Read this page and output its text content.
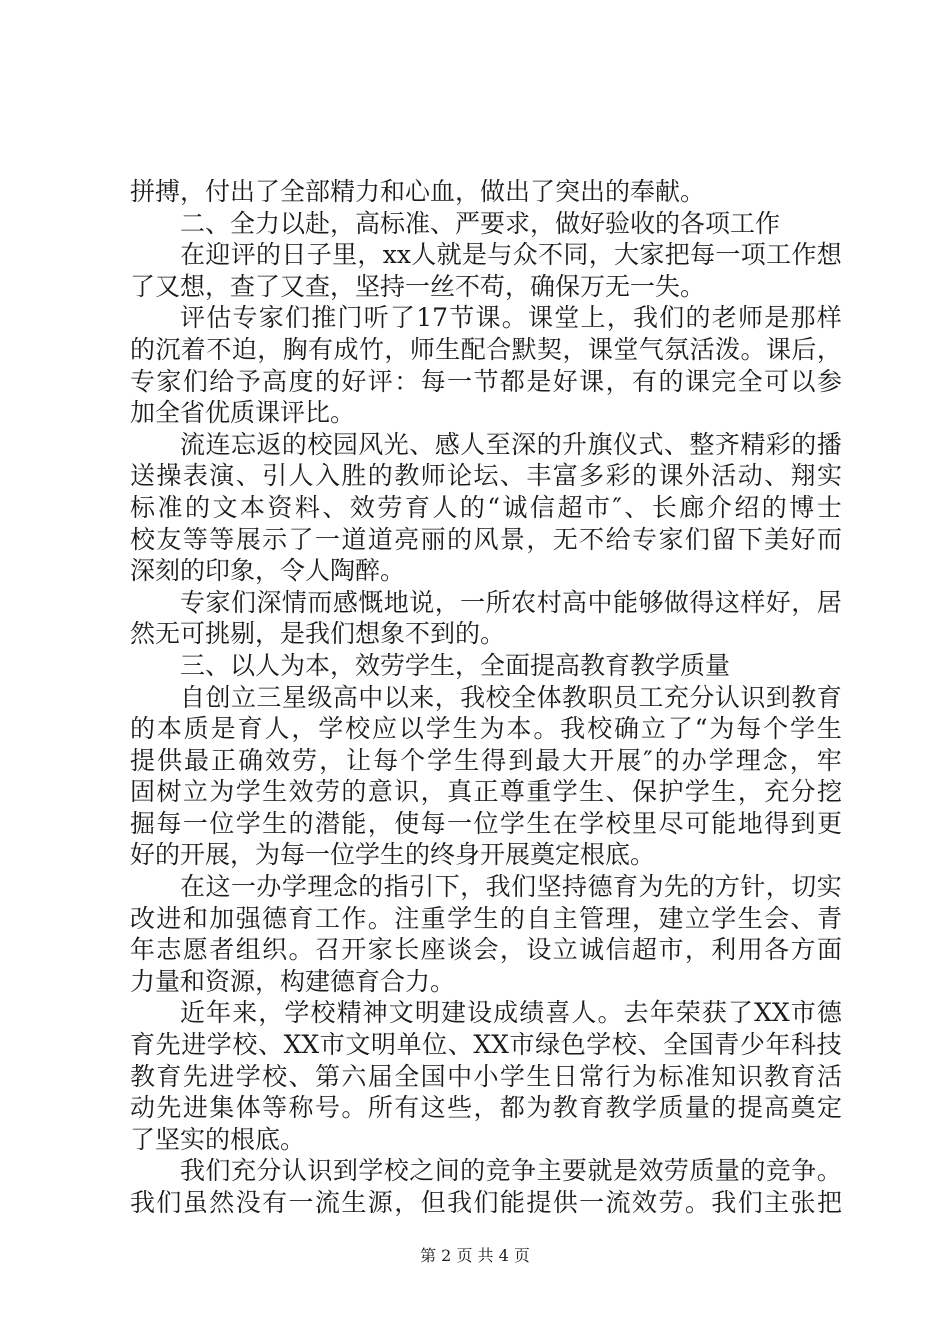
拼搏，付出了全部精力和心血，做出了突出的奉献。
二、全力以赴，高标准、严要求，做好验收的各项工作
在 迎 评 的 日 子 里 ， xx 人 就 是 与 众 不 同 ， 大 家 把 每 一 项 工 作 想
了又想，查了又查，坚持一丝不苟，确保万无一失。
评 估 专 家 们 推 门 听 了 17 节 课 。 课 堂 上 ， 我 们 的 老 师 是 那 样
的 沉 着 不 迫 ， 胸 有 成 竹 ， 师 生 配 合 默 契 ， 课 堂 气 氛 活 泼 。 课 后 ，
专 家 们 给 予 高 度 的 好 评 ： 每 一 节 都 是 好 课 ， 有 的 课 完 全 可 以 参
加全省优质课评比。
流 连 忘 返 的 校 园 风 光 、 感 人 至 深 的 升 旗 仪 式 、 整 齐 精 彩 的 播
送 操 表 演 、 引 人 入 胜 的 教 师 论 坛 、 丰 富 多 彩 的 课 外 活 动 、 翔 实
标 准 的 文 本 资 料 、 效 劳 育 人 的 “ 诚 信 超 市 ″ 、 长 廊 介 绍 的 博 士
校 友 等 等 展 示 了 一 道 道 亮 丽 的 风 景 ， 无 不 给 专 家 们 留 下 美 好 而
深刻的印象，令人陶醉。
专 家 们 深 情 而 感 慨 地 说 ， 一 所 农 村 高 中 能 够 做 得 这 样 好 ， 居
然无可挑剔，是我们想象不到的。
三、以人为本，效劳学生，全面提高教育教学质量
自 创 立 三 星 级 高 中 以 来 ， 我 校 全 体 教 职 员 工 充 分 认 识 到 教 育
的 本 质 是 育 人 ， 学 校 应 以 学 生 为 本 。 我 校 确 立 了 “ 为 每 个 学 生
提 供 最 正 确 效 劳 ， 让 每 个 学 生 得 到 最 大 开 展 ″ 的 办 学 理 念 ， 牢
固 树 立 为 学 生 效 劳 的 意 识 ， 真 正 尊 重 学 生 、 保 护 学 生 ， 充 分 挖
掘 每 一 位 学 生 的 潜 能 ， 使 每 一 位 学 生 在 学 校 里 尽 可 能 地 得 到 更
好的开展，为每一位学生的终身开展奠定根底。
在 这 一 办 学 理 念 的 指 引 下 ， 我 们 坚 持 德 育 为 先 的 方 针 ， 切 实
改 进 和 加 强 德 育 工 作 。 注 重 学 生 的 自 主 管 理 ， 建 立 学 生 会 、 青
年 志 愿 者 组 织 。 召 开 家 长 座 谈 会 ， 设 立 诚 信 超 市 ， 利 用 各 方 面
力量和资源，构建德育合力。
近 年 来 ， 学 校 精 神 文 明 建 设 成 绩 喜 人 。 去 年 荣 获 了 XX 市 德
育 先 进 学 校 、 XX 市 文 明 单 位 、 XX 市 绿 色 学 校 、 全 国 青 少 年 科 技
教 育 先 进 学 校 、 第 六 届 全 国 中 小 学 生 日 常 行 为 标 准 知 识 教 育 活
动 先 进 集 体 等 称 号 。 所 有 这 些 ， 都 为 教 育 教 学 质 量 的 提 高 奠 定
了坚实的根底。
我 们 充 分 认 识 到 学 校 之 间 的 竞 争 主 要 就 是 效 劳 质 量 的 竞 争 。
我 们 虽 然 没 有 一 流 生 源 ， 但 我 们 能 提 供 一 流 效 劳 。 我 们 主 张 把
第 2 页 共 4 页
